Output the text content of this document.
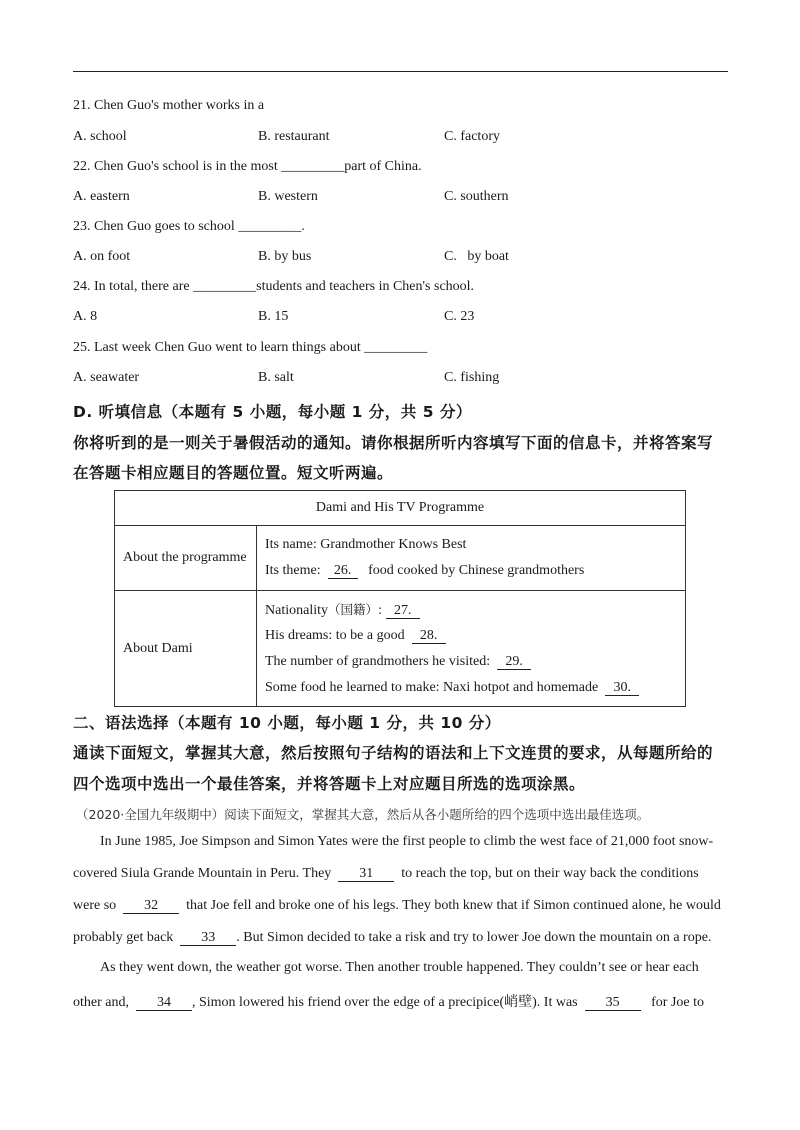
21. Chen Guo's mother works in a
A. school	B. restaurant	C. factory
22. Chen Guo's school is in the most _________part of China.
A. eastern	B. western	C. southern
23. Chen Guo goes to school _________.
A. on foot	B. by bus	C.   by boat
24. In total, there are _________students and teachers in Chen's school.
A. 8	B. 15	C. 23
25. Last week Chen Guo went to learn things about _________
A. seawater	B. salt	C. fishing
D. 听填信息（本题有 5 小题，每小题 1 分，共 5 分）
你将听到的是一则关于暑假活动的通知。请你根据所听内容填写下面的信息卡，并将答案写
在答题卡相应题目的答题位置。短文听两遍。
Dami and His TV Programme	
About the programme	Its name: Grandmother Knows Best
Its theme: 26. food cooked by Chinese grandmothers

About Dami	Nationality（国籍）: 27.
His dreams: to be a good 28.
The number of grandmothers he visited: 29.
Some food he learned to make: Naxi hotpot and homemade 30.
二、语法选择（本题有 10 小题，每小题 1 分，共 10 分）
通读下面短文，掌握其大意，然后按照句子结构的语法和上下文连贯的要求，从每题所给的
四个选项中选出一个最佳答案，并将答题卡上对应题目所选的选项涂黑。
（2020·全国九年级期中）阅读下面短文，掌握其大意，然后从各小题所给的四个选项中选出最佳选项。
In June 1985, Joe Simpson and Simon Yates were the first people to climb the west face of 21,000 foot snow-
covered Siula Grande Mountain in Peru. They 31 to reach the top, but on their way back the conditions
were so 32 that Joe fell and broke one of his legs. They both knew that if Simon continued alone, he would
probably get back 33 . But Simon decided to take a risk and try to lower Joe down the mountain on a rope.
As they went down, the weather got worse. Then another trouble happened. They couldn’t see or hear each
other and, 34 , Simon lowered his friend over the edge of a precipice(峭壁). It was 35 for Joe to
